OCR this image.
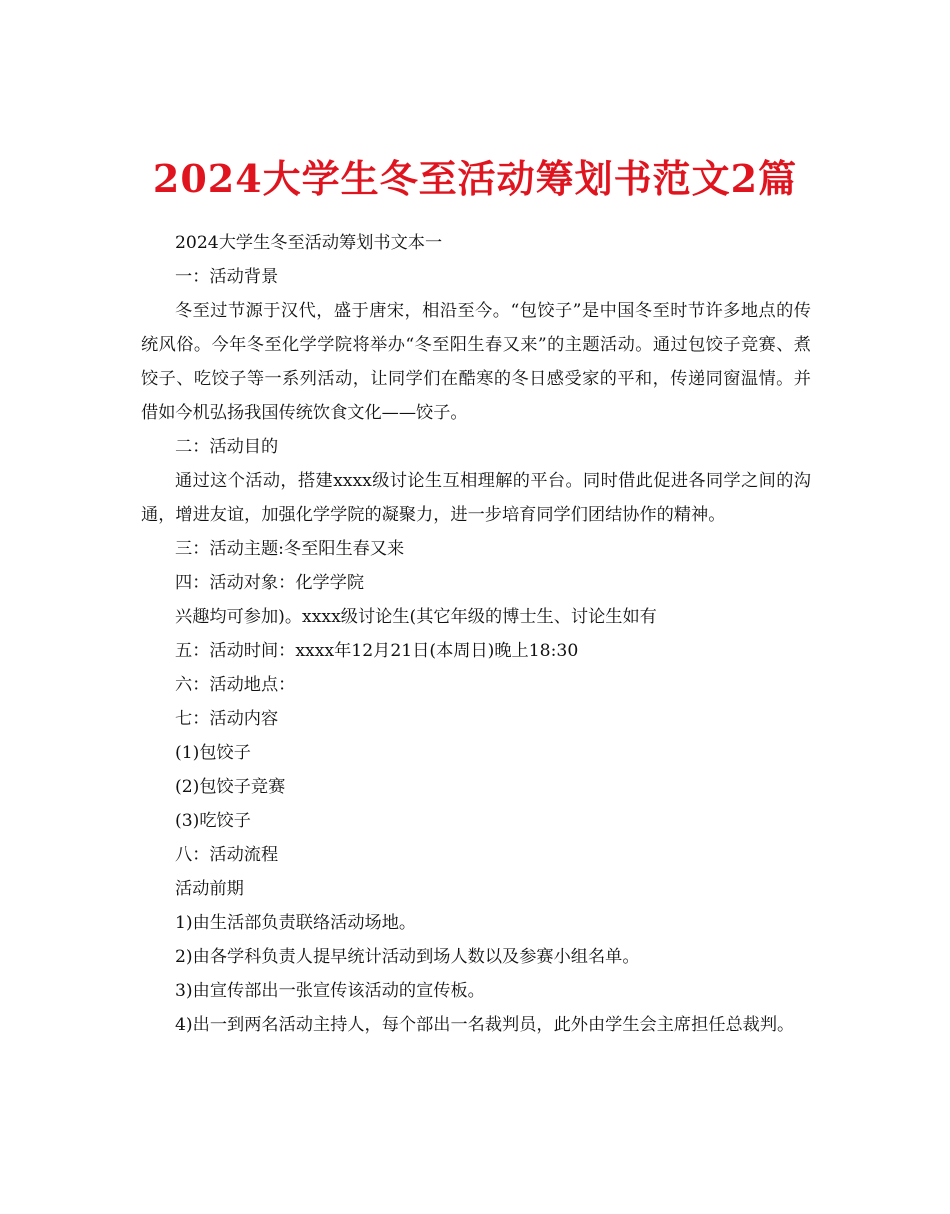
2024大学生冬至活动筹划书范文2篇

2024大学生冬至活动筹划书文本一

一：活动背景

冬至过节源于汉代，盛于唐宋，相沿至今。“包饺子”是中国冬至时节许多地点的传统风俗。今年冬至化学学院将举办“冬至阳生春又来”的主题活动。通过包饺子竞赛、煮饺子、吃饺子等一系列活动，让同学们在酷寒的冬日感受家的平和，传递同窗温情。并借如今机弘扬我国传统饮食文化——饺子。

二：活动目的

通过这个活动，搭建xxxx级讨论生互相理解的平台。同时借此促进各同学之间的沟通，增进友谊，加强化学学院的凝聚力，进一步培育同学们团结协作的精神。

三：活动主题:冬至阳生春又来

四：活动对象：化学学院

兴趣均可参加)。xxxx级讨论生(其它年级的博士生、讨论生如有

五：活动时间：xxxx年12月21日(本周日)晚上18:30

六：活动地点：

七：活动内容

(1)包饺子

(2)包饺子竞赛

(3)吃饺子

八：活动流程

活动前期

1)由生活部负责联络活动场地。

2)由各学科负责人提早统计活动到场人数以及参赛小组名单。

3)由宣传部出一张宣传该活动的宣传板。

4)出一到两名活动主持人，每个部出一名裁判员，此外由学生会主席担任总裁判。
